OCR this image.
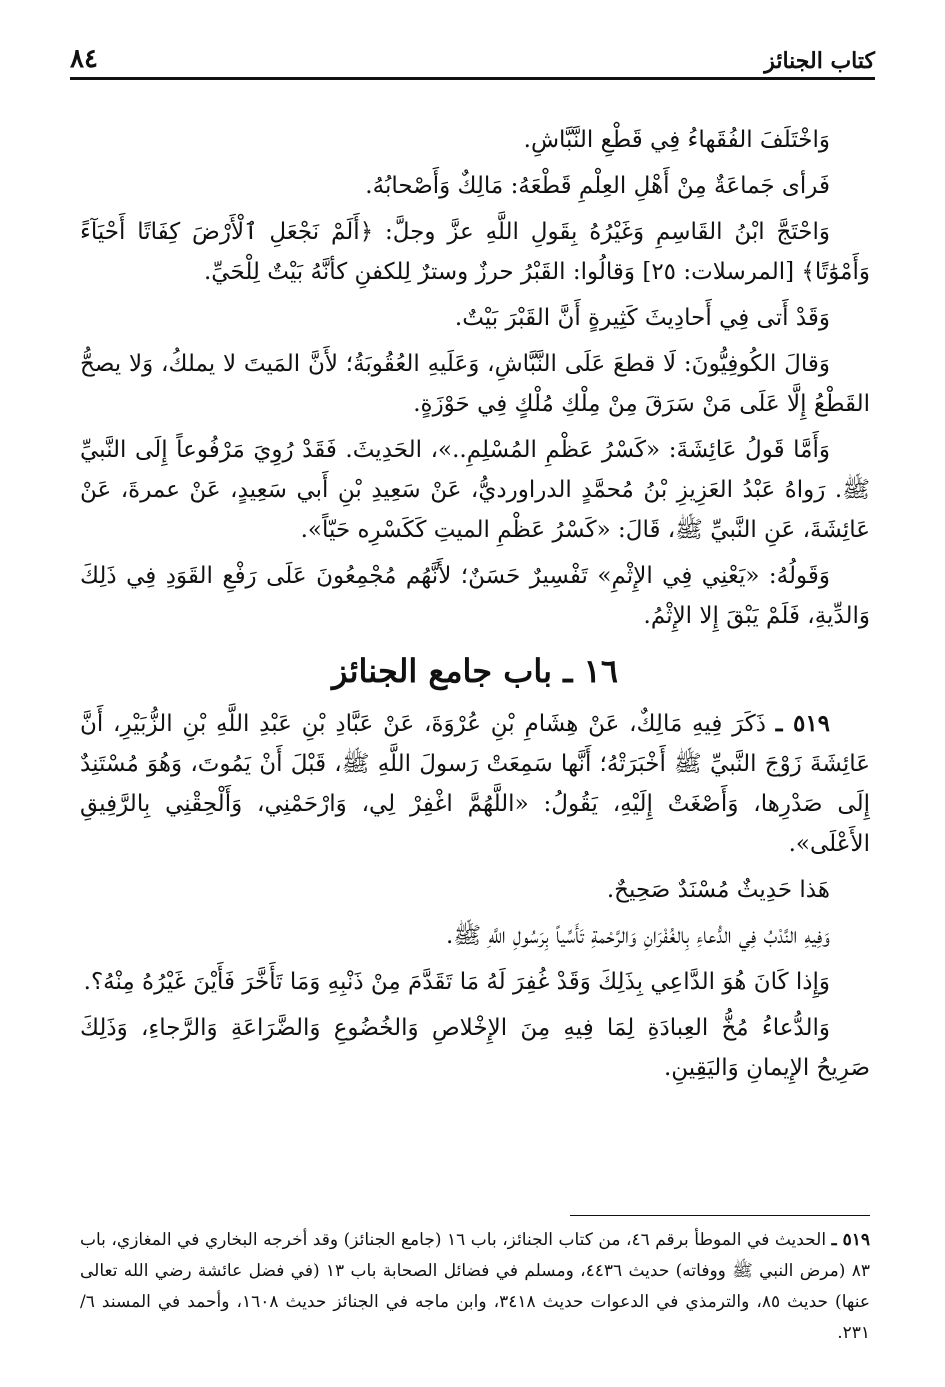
كتاب الجنائز
٨٤

وَاخْتَلَفَ الفُقَهاءُ فِي قَطْعِ النَّبَّاشِ.

فَرأى جَماعَةٌ مِنْ أَهْلِ العِلْمِ قَطْعَهُ: مَالِكٌ وَأَصْحابُهُ.

وَاحْتَجَّ ابْنُ القَاسِمِ وَغَيْرُهُ بِقَولِ اللَّهِ عزَّ وجلَّ: ﴿أَلَمْ نَجْعَلِ ٱلْأَرْضَ كِفَاتًا أَحْيَآءً وَأَمْوَٰتًا﴾ [المرسلات: ٢٥] وَقالُوا: القَبْرُ حرزٌ وسترٌ لِلكفنِ كأنَّهُ بَيْتٌ لِلْحَيِّ.

وَقَدْ أَتى فِي أَحادِيثَ كَثِيرةٍ أَنَّ القَبْرَ بَيْتٌ.

وَقالَ الكُوفِيُّونَ: لَا قطعَ عَلَى النَّبَّاشِ، وَعَلَيهِ العُقُوبَةُ؛ لأَنَّ المَيتَ لا يملكُ، وَلا يصحُّ القَطْعُ إِلَّا عَلَى مَنْ سَرَقَ مِنْ مِلْكِ مُلْكٍ فِي حَوْزَةٍ.

وَأَمَّا قَولُ عَائِشَةَ: «كَسْرُ عَظْمِ المُسْلِمِ..»، الحَدِيثَ. فَقَدْ رُوِيَ مَرْفُوعاً إِلَى النَّبيِّ ﷺ. رَواهُ عَبْدُ العَزِيزِ بْنُ مُحمَّدٍ الدراورديُّ، عَنْ سَعِيدِ بْنِ أَبي سَعِيدٍ، عَنْ عمرةَ، عَنْ عَائِشَةَ، عَنِ النَّبيِّ ﷺ، قَالَ: «كَسْرُ عَظْمِ الميتِ كَكَسْرِه حَيّاً».

وَقَولُهُ: «يَعْنِي فِي الإِثْمِ» تَفْسِيرٌ حَسَنٌ؛ لأَنَّهُم مُجْمِعُونَ عَلَى رَفْعِ القَوَدِ فِي ذَلِكَ وَالدِّيةِ، فَلَمْ يَبْقَ إِلا الإِثْمُ.

١٦ ـ باب جامع الجنائز

٥١٩ ـ ذَكَرَ فِيهِ مَالِكٌ، عَنْ هِشَامِ بْنِ عُرْوَةَ، عَنْ عَبَّادِ بْنِ عَبْدِ اللَّهِ بْنِ الزُّبَيْرِ، أَنَّ عَائِشَةَ زَوْجَ النَّبيِّ ﷺ أَخْبَرَتْهُ؛ أَنَّها سَمِعَتْ رَسولَ اللَّهِ ﷺ، قَبْلَ أَنْ يَمُوتَ، وَهُوَ مُسْتَنِدٌ إِلَى صَدْرِها، وَأَصْغَتْ إِلَيْهِ، يَقُولُ: «اللَّهُمَّ اغْفِرْ لِي، وَارْحَمْنِي، وَأَلْحِقْنِي بِالرَّفِيقِ الأَعْلَى».

هَذا حَدِيثٌ مُسْنَدٌ صَحِيحٌ.

وَفِيهِ النَّدْبُ فِي الدُّعاءِ بِالغُفْرَانِ وَالرَّحْمةِ تَأَسِّياً بِرَسُولِ اللَّهِ ﷺ.

وَإِذا كَانَ هُوَ الدَّاعِي بِذَلِكَ وَقَدْ غُفِرَ لَهُ مَا تَقَدَّمَ مِنْ ذَنْبِهِ وَمَا تَأَخَّرَ فَأَيْنَ غَيْرُهُ مِنْهُ؟.

وَالدُّعاءُ مُخُّ العِبادَةِ لِمَا فِيهِ مِنَ الإِخْلاصِ وَالخُضُوعِ وَالضَّرَاعَةِ وَالرَّجاءِ، وَذَلِكَ صَرِيحُ الإِيمانِ وَاليَقِينِ.

٥١٩ ـ الحديث في الموطأ برقم ٤٦، من كتاب الجنائز، باب ١٦ (جامع الجنائز) وقد أخرجه البخاري في المغازي، باب ٨٣ (مرض النبي ﷺ ووفاته) حديث ٤٤٣٦، ومسلم في فضائل الصحابة باب ١٣ (في فضل عائشة رضي الله تعالى عنها) حديث ٨٥، والترمذي في الدعوات حديث ٣٤١٨، وابن ماجه في الجنائز حديث ١٦٠٨، وأحمد في المسند ٦/ ٢٣١.
